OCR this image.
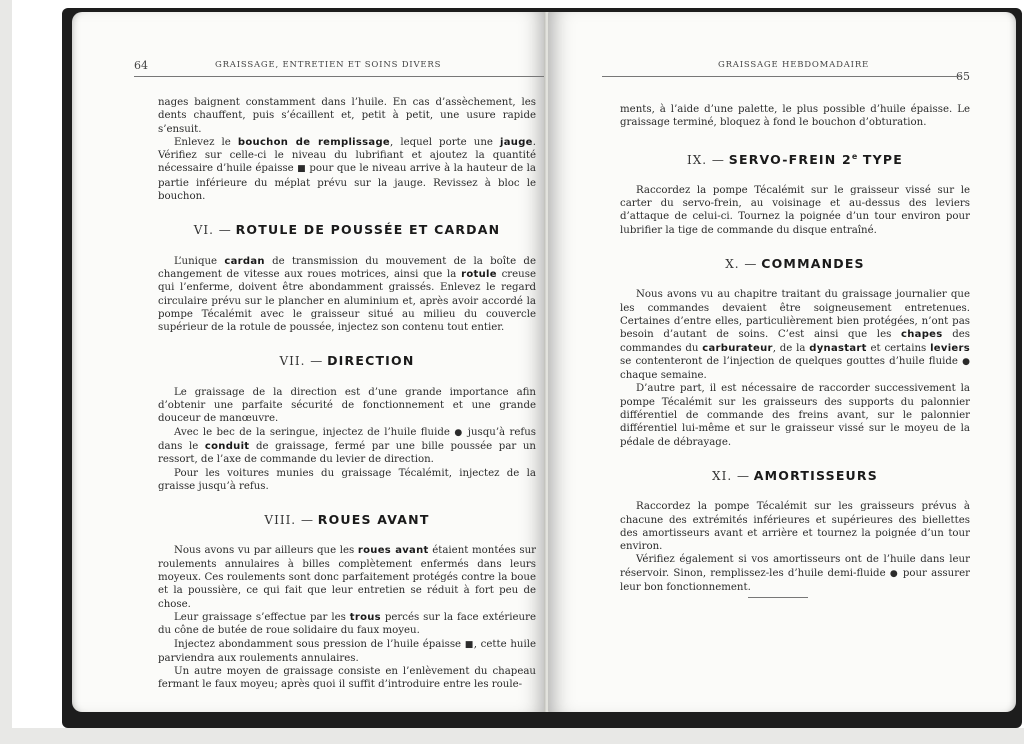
64	GRAISSAGE, ENTRETIEN ET SOINS DIVERS

nages baignent constamment dans l’huile. En cas d’assèchement, les dents chauffent, puis s’écaillent et, petit à petit, une usure rapide s’ensuit.

Enlevez le bouchon de remplissage, lequel porte une jauge. Vérifiez sur celle-ci le niveau du lubrifiant et ajoutez la quantité nécessaire d’huile épaisse ■ pour que le niveau arrive à la hauteur de la partie inférieure du méplat prévu sur la jauge. Revissez à bloc le bouchon.

VI. — ROTULE DE POUSSÉE ET CARDAN

L’unique cardan de transmission du mouvement de la boîte de changement de vitesse aux roues motrices, ainsi que la rotule creuse qui l’enferme, doivent être abondamment graissés. Enlevez le regard circulaire prévu sur le plancher en aluminium et, après avoir accordé la pompe Técalémit avec le graisseur situé au milieu du couvercle supérieur de la rotule de poussée, injectez son contenu tout entier.

VII. — DIRECTION

Le graissage de la direction est d’une grande importance afin d’obtenir une parfaite sécurité de fonctionnement et une grande douceur de manœuvre.

Avec le bec de la seringue, injectez de l’huile fluide ● jusqu’à refus dans le conduit de graissage, fermé par une bille poussée par un ressort, de l’axe de commande du levier de direction.

Pour les voitures munies du graissage Técalémit, injectez de la graisse jusqu’à refus.

VIII. — ROUES AVANT

Nous avons vu par ailleurs que les roues avant étaient montées sur roulements annulaires à billes complètement enfermés dans leurs moyeux. Ces roulements sont donc parfaitement protégés contre la boue et la poussière, ce qui fait que leur entretien se réduit à fort peu de chose.

Leur graissage s’effectue par les trous percés sur la face extérieure du cône de butée de roue solidaire du faux moyeu.

Injectez abondamment sous pression de l’huile épaisse ■, cette huile parviendra aux roulements annulaires.

Un autre moyen de graissage consiste en l’enlèvement du chapeau fermant le faux moyeu; après quoi il suffit d’introduire entre les roule-

GRAISSAGE HEBDOMADAIRE
65

ments, à l’aide d’une palette, le plus possible d’huile épaisse. Le graissage terminé, bloquez à fond le bouchon d’obturation.

IX. — SERVO-FREIN 2e TYPE

Raccordez la pompe Técalémit sur le graisseur vissé sur le carter du servo-frein, au voisinage et au-dessus des leviers d’attaque de celui-ci. Tournez la poignée d’un tour environ pour lubrifier la tige de commande du disque entraîné.

X. — COMMANDES

Nous avons vu au chapitre traitant du graissage journalier que les commandes devaient être soigneusement entretenues. Certaines d’entre elles, particulièrement bien protégées, n’ont pas besoin d’autant de soins. C’est ainsi que les chapes des commandes du carburateur, de la dynastart et certains leviers se contenteront de l’injection de quelques gouttes d’huile fluide ● chaque semaine.

D’autre part, il est nécessaire de raccorder successivement la pompe Técalémit sur les graisseurs des supports du palonnier différentiel de commande des freins avant, sur le palonnier différentiel lui-même et sur le graisseur vissé sur le moyeu de la pédale de débrayage.

XI. — AMORTISSEURS

Raccordez la pompe Técalémit sur les graisseurs prévus à chacune des extrémités inférieures et supérieures des biellettes des amortisseurs avant et arrière et tournez la poignée d’un tour environ.

Vérifiez également si vos amortisseurs ont de l’huile dans leur réservoir. Sinon, remplissez-les d’huile demi-fluide ● pour assurer leur bon fonctionnement.
